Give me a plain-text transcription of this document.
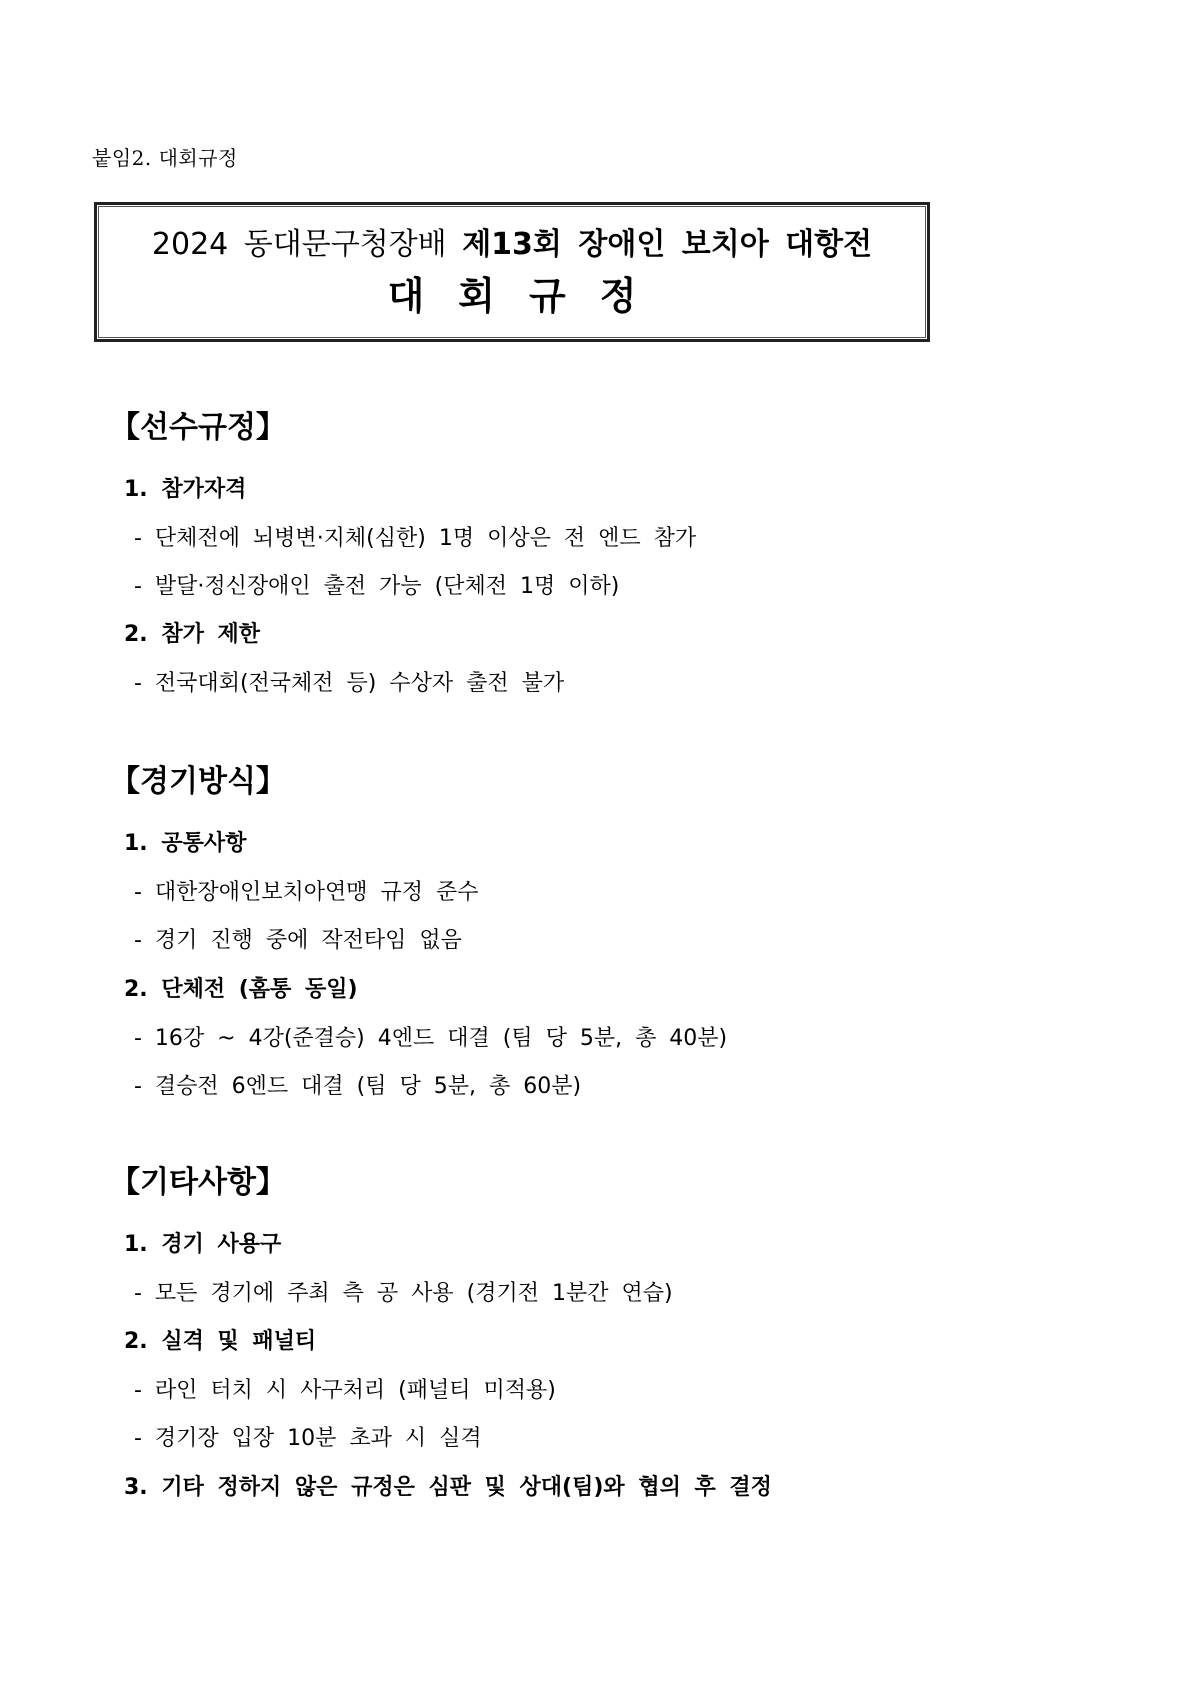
붙임2. 대회규정
2024 동대문구청장배 제13회 장애인 보치아 대항전
대회규정
【선수규정】
1. 참가자격
- 단체전에 뇌병변·지체(심한) 1명 이상은 전 엔드 참가
- 발달·정신장애인 출전 가능 (단체전 1명 이하)
2. 참가 제한
- 전국대회(전국체전 등) 수상자 출전 불가
【경기방식】
1. 공통사항
- 대한장애인보치아연맹 규정 준수
- 경기 진행 중에 작전타임 없음
2. 단체전 (홈통 동일)
- 16강 ~ 4강(준결승) 4엔드 대결 (팀 당 5분, 총 40분)
- 결승전 6엔드 대결 (팀 당 5분, 총 60분)
【기타사항】
1. 경기 사용구
- 모든 경기에 주최 측 공 사용 (경기전 1분간 연습)
2. 실격 및 패널티
- 라인 터치 시 사구처리 (패널티 미적용)
- 경기장 입장 10분 초과 시 실격
3. 기타 정하지 않은 규정은 심판 및 상대(팀)와 협의 후 결정
